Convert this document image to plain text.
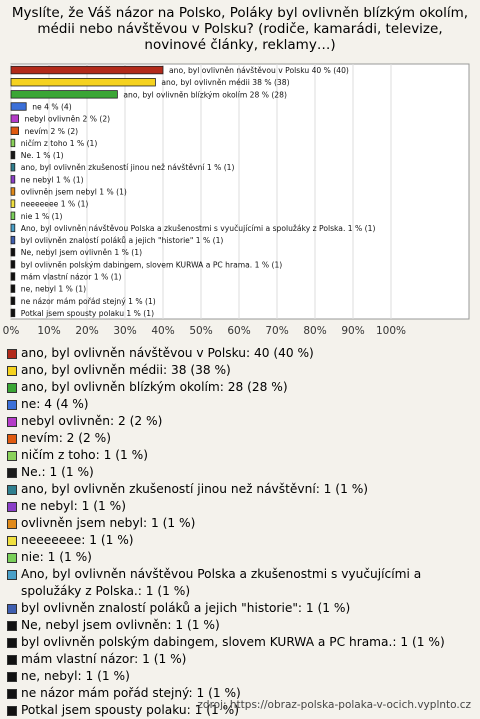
Myslíte, že Váš názor na Polsko, Poláky byl ovlivněn blízkým okolím, médii nebo návštěvou v Polsku? (rodiče, kamarádi, televize, novinové články, reklamy…)
ano, byl ovlivněn návštěvou v Polsku 40 % (40)
ano, byl ovlivněn médii 38 % (38)
ano, byl ovlivněn blízkým okolím 28 % (28)
ne 4 % (4)
nebyl ovlivněn 2 % (2)
nevím 2 % (2)
ničím z toho 1 % (1)
Ne. 1 % (1)
ano, byl ovlivněn zkušeností jinou než návštěvní 1 % (1)
ne nebyl 1 % (1)
ovlivněn jsem nebyl 1 % (1)
neeeeeee 1 % (1)
nie 1 % (1)
Ano, byl ovlivněn návštěvou Polska a zkušenostmi s vyučujícími a spolužáky z Polska. 1 % (1)
byl ovlivněn znalostí poláků a jejich "historie" 1 % (1)
Ne, nebyl jsem ovlivněn 1 % (1)
byl ovlivněn polským dabingem, slovem KURWA a PC hrama. 1 % (1)
mám vlastní názor 1 % (1)
ne, nebyl 1 % (1)
ne názor mám pořád stejný 1 % (1)
Potkal jsem spousty polaku 1 % (1)
0% 10% 20% 30% 40% 50% 60% 70% 80% 90% 100%
ano, byl ovlivněn návštěvou v Polsku: 40 (40 %)
ano, byl ovlivněn médii: 38 (38 %)
ano, byl ovlivněn blízkým okolím: 28 (28 %)
ne: 4 (4 %)
nebyl ovlivněn: 2 (2 %)
nevím: 2 (2 %)
ničím z toho: 1 (1 %)
Ne.: 1 (1 %)
ano, byl ovlivněn zkušeností jinou než návštěvní: 1 (1 %)
ne nebyl: 1 (1 %)
ovlivněn jsem nebyl: 1 (1 %)
neeeeeee: 1 (1 %)
nie: 1 (1 %)
Ano, byl ovlivněn návštěvou Polska a zkušenostmi s vyučujícími a spolužáky z Polska.: 1 (1 %)
byl ovlivněn znalostí poláků a jejich "historie": 1 (1 %)
Ne, nebyl jsem ovlivněn: 1 (1 %)
byl ovlivněn polským dabingem, slovem KURWA a PC hrama.: 1 (1 %)
mám vlastní názor: 1 (1 %)
ne, nebyl: 1 (1 %)
ne názor mám pořád stejný: 1 (1 %)
Potkal jsem spousty polaku: 1 (1 %)
zdroj: https://obraz-polska-polaka-v-ocich.vyplnto.cz
